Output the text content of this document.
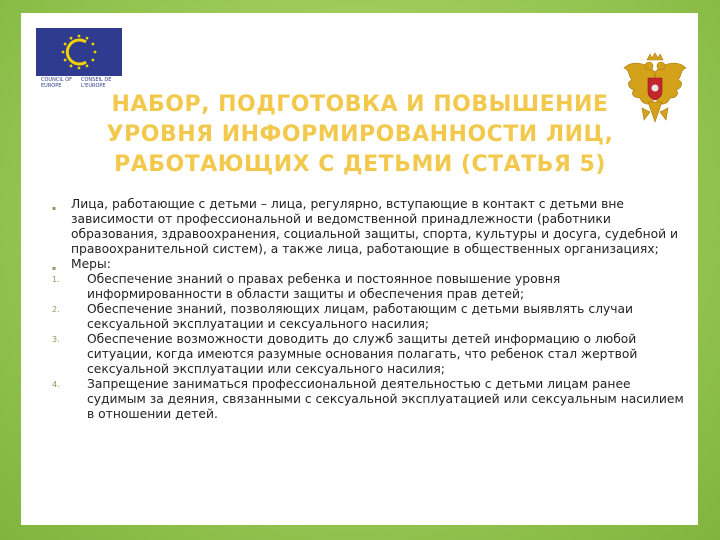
COUNCIL OF EUROPE
CONSEIL DE L'EUROPE
НАБОР, ПОДГОТОВКА И ПОВЫШЕНИЕ
УРОВНЯ ИНФОРМИРОВАННОСТИ ЛИЦ,
РАБОТАЮЩИХ С ДЕТЬМИ (СТАТЬЯ 5)
▪ Лица, работающие с детьми – лица, регулярно, вступающие в контакт с детьми вне зависимости от профессиональной и ведомственной принадлежности (работники образования, здравоохранения, социальной защиты, спорта, культуры и досуга, судебной и правоохранительной систем), а также лица, работающие в общественных организациях;
▪ Меры:
1. Обеспечение знаний о правах ребенка и постоянное повышение уровня информированности в области защиты и обеспечения прав детей;
2. Обеспечение знаний, позволяющих лицам, работающим с детьми выявлять случаи сексуальной эксплуатации и сексуального насилия;
3. Обеспечение возможности доводить до служб защиты детей информацию о любой ситуации, когда имеются разумные основания полагать, что ребенок стал жертвой сексуальной эксплуатации или сексуального насилия;
4. Запрещение заниматься профессиональной деятельностью с детьми лицам ранее судимым за деяния, связанными с сексуальной эксплуатацией или сексуальным насилием в отношении детей.
